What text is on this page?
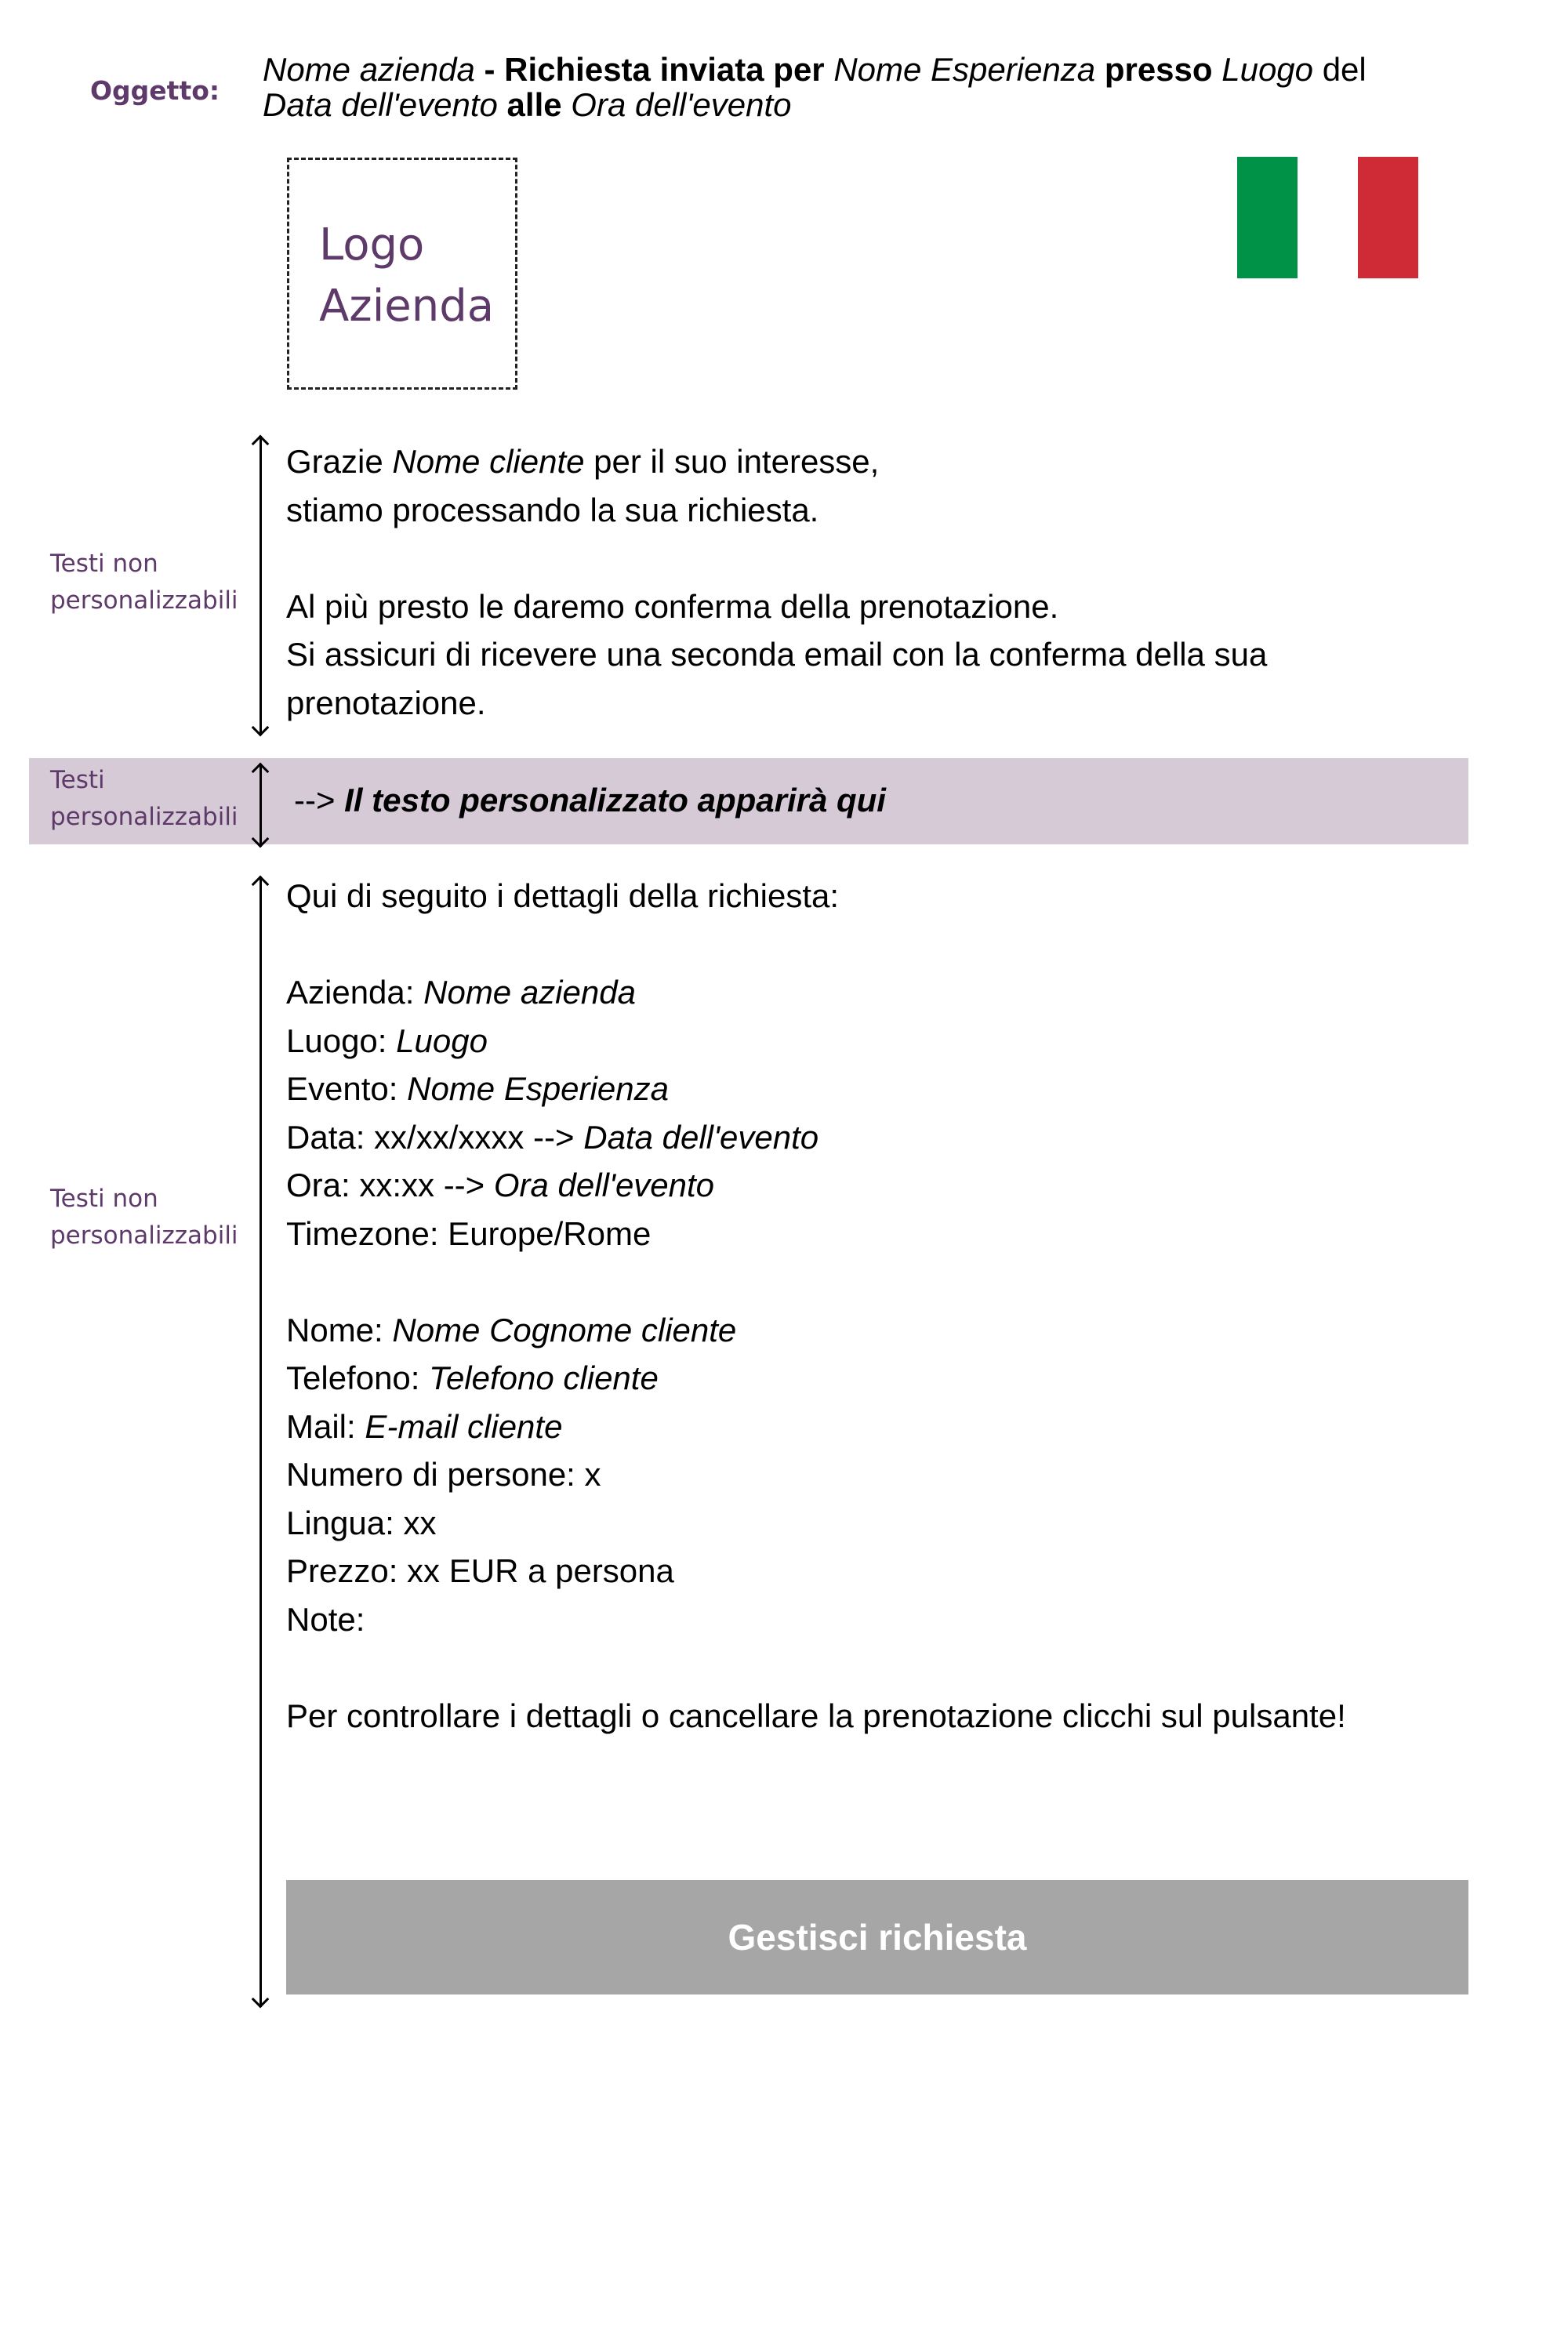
Oggetto:
Nome azienda - Richiesta inviata per Nome Esperienza presso Luogo del
Data dell'evento alle Ora dell'evento
Logo
Azienda
Testi non
personalizzabili
Grazie Nome cliente per il suo interesse,
stiamo processando la sua richiesta.
Al più presto le daremo conferma della prenotazione.
Si assicuri di ricevere una seconda email con la conferma della sua
prenotazione.
Testi
personalizzabili --> Il testo personalizzato apparirà qui
Testi non
personalizzabili
Qui di seguito i dettagli della richiesta:
Azienda: Nome azienda
Luogo: Luogo
Evento: Nome Esperienza
Data: xx/xx/xxxx --> Data dell'evento
Ora: xx:xx --> Ora dell'evento
Timezone: Europe/Rome
Nome: Nome Cognome cliente
Telefono: Telefono cliente
Mail: E-mail cliente
Numero di persone: x
Lingua: xx
Prezzo: xx EUR a persona
Note:
Per controllare i dettagli o cancellare la prenotazione clicchi sul pulsante!
Gestisci richiesta
